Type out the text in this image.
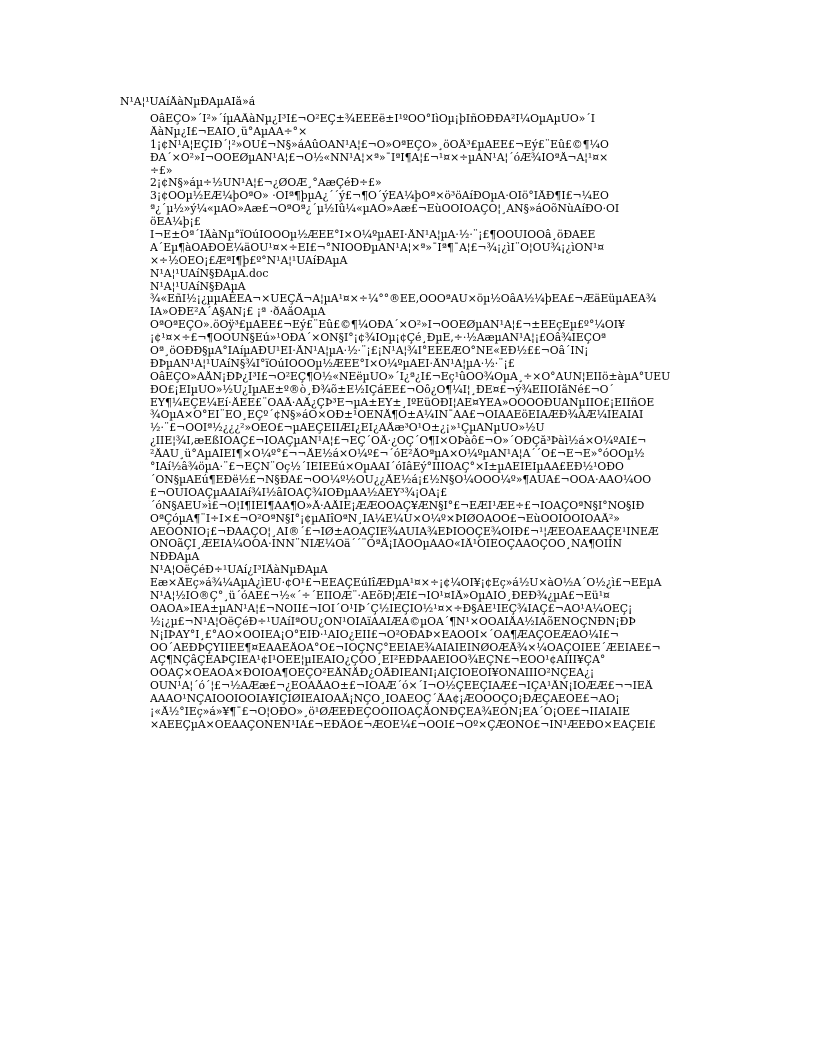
Ñ¹Á¦¹ÜÀíÅàÑµÐÄµÃÌå»á
ÕâÊÇÒ»´Î²»´íµÄÅàÑµ¿Î³Ì£¬Ò²ÊÇ±¾ÈËÈë±Ï¹ºÒÔ°ÎìÒµ¡þÎñÖÐÐÁ²Î¼ÓµÄµÚÒ»´Î
ÅàÑµ¿Î£¬ÈÃÎÒ¸ü°ÃµÄÃ÷°×
1¡¢Ñ¹Á¦ÊÇÌÐ´¦²»ÔÚ£¬Ñ§»áÀûÓÃÑ¹Á¦£¬Ò»ÒªÊÇÒ»¸öÓÅ³£µÄÈË£¬Èý£¨Ëû£©¶¼Ó
ÐÀ´×Ô²»Í¬ÒÔÈØµÄÑ¹Á¦£¬Ò½«ÑÑ¹Á¦×ª»¯ÎªÍ¶Á¦£¬¹¤×÷µÄÑ¹Á¦´óÆ¾ÍÒªÅ¬Á¦¹¤×
÷£»
2¡¢Ñ§»áµ÷½ÚÑ¹Á¦£¬¿ØÖÆ¸°ÃæÇéÐ÷£»
3¡¢ÓÒµ½ËÆ¼þÒªÒ» ·ÖÎª¶þµÄ¿´´ý£¬¶Ô´ýÊÂ¼þÒª×ö³öÀíÐÔµÄ·ÖÎö°ÍÅÐ¶Ï£¬¼ÈÒ
ª¿´µ½»ý¼«µÄÒ»Ãæ£¬ÒªÒª¿´µ½Ïû¼«µÄÒ»Ãæ£¬ÈùÒÔÎÒÃÇÓ¦¸ÃÑ§»áÓõÑùÀíÐÔ·ÖÎ
öÊÂ¼þ¡£
Í¬Ê±Öª´ÎÅàÑµ°ïÓúÎÒÕÒµ½ÆËÊ°Ï×Ô¼ºµÄÈÍ·ÅÑ¹Á¦µÄ·½·¨¡£¶ÓÓÚÎÒÕâ¸öÐÂÈË
À´Ëµ¶àÓÃÐÖÊ¼äÓÚ¹¤×÷ÉÏ£¬°ÑÏÖÓÐµÄÑ¹Á¦×ª»¯Îª¶¯Á¦£¬¾¡¿ìÍ¨Ó¦ÔÚ¾¡¿ìÕÑ¹¤
×÷½ÓÊÖ¡£ÆªÎ¶þ£º°Ñ¹Á¦¹ÜÀíÐÄµÃ
Ñ¹Á¦¹ÜÀíÑ§ÐÄµÃ.doc
Ñ¹Á¦¹ÜÀíÑ§ÐÄµÃ
¾«ÉñÌ½¡¿µµÄÈËÃ¬×ÜÊÇÅ¬Á¦µÄ¹¤×÷¼°°®ÈË,ÒÒÒªÄÜ×öµ½ÕâÁ½¼þÊÂ£¬ÆäËüµÄÊÂ¾
ÍÃ»ÓÐÊ²Ã´À§ÄÑ¡£ ¡ª ·ðÂåÒÀµÂ
ÒªÒªÊÇÒ».öÓÿ³£µÄÈË£¬Ëý£¨Ëû£©¶¼ÓÐÀ´×Ô²»Í¬ÒÔÈØµÄÑ¹Á¦£¬±ÈÈçËµ£º°¼ÓÍ¥
¡¢¹¤×÷£¬¶ÓÓÚÑ§Éú»¹ÓÐÀ´×ÔÑ§Ï°¡¢¾ÍÒµ¡¢Çé¸ÐµÈ,÷·½ÃæµÄÑ¹Á¦¡£Õâ¾ÍÊÇÒª
Òª¸öÓÐÐ§µÄ°ÏÀíµÄÐÚ¹ÊÍ·ÅÑ¹Á¦µÄ·½·¨¡£¡Ñ¹Á¦¾Í°ÈËÊÆÒ°ÑÈ«ÈÐ½££¬Õâ´ÎÑ¡
ÐÞµÄÑ¹Á¦¹ÜÀíÑ§¾Í°ïÓúÎÒÕÒµ½ÆËÊ°Ï×Ô¼ºµÄÈÍ·ÅÑ¹Á¦µÄ·½·¨¡£
ÕâÊÇÒ»ÃÅÑ¡ÐÞ¿Î³Ì£¬Ò²ÊÇ¶Ò½«ÑÈëµÚÒ»´Î¿ª¿Î£¬Èç¹ûÒÔ¾ÖµÄ¸÷×Ô°ÂÚÑ¦ÉÏÎö±àµÄ°ÜÈÙ
ÐÒ£¡ÉÏµÚÒ»½Ú¿ÎµÄÊ±º®ò¸Ð¾õ±È½ÏÇáËÉ£¬Òô¿Ò¶¼Í¦¸ÐÈ¤£¬ý¾ÉÏÎÓÌåÑé£¬Ö´
ÈÝ¶¼ÊÇË¼Éí·ÅÈÉ£¨ÓÃÅ·ÃÅ¿ÇÞ³Ë¬µÄ±ÈÝ±¸ÍºËüÓÐÌ¦ÀË¤ÝËÄ»ÖÖÓÕÐÜÃÑµÍÏÕ£¡ÈÎÎñÓÉ
¾ÕµÄ×Ô°ÉÍ¨ÊÕ¸ÈÇº´¢Ñ§»áÒ×ÖÐ±¹ÖÊÑÅ¶Ó±Ä¼ÎÑ¯ÄÄ£¬ÒÎÁÄÉöÊÎÄÆÐ¾ÃÆ¼ÌÊÂÏÄÏ
½·¨£¬ÒÒÎª½¿¿¿²»ÓËÖ£¬µÃÊÇÈÎÎÆÎ¿ÈÎ¿ÄÅæ³Ò¹Ò±¿¡»¹ÇµÂÑµÚÒ»½Ú
¿ÌÌÈ¦¾Í,æÈßÍÒÃÇ£¬ÎÒÃÇµÄÑ¹Á¦£¬ÈÇ´ÓÅ·¿ÓÇ´Ó¶Ï×ÖÞàô£¬Ò»´ÓÐÇå³Þàì½á×Ô¼ºÃÎ£¬
²ÅÀÚ¸ü°ÃµÄÍÈÍ¶×Ô¼º°£¬¬ÅÉ½á×Ô¼º£¬´óÊ²ÅÕªµÀ×Ô¼ºµÄÑ¹Á¦À´´Ó£¬Ê¬È»°óÕÕµ½
°ÍÀí½â¾öµÄ·¨£¬ÊÇÑ¨Óç½´ÌÉÍÈÉú×ÕµÄÃÎ´óÎâÊý°ÍÎÍÒÃÇ°×Ì±µÄÈÍËÎµÄÁ£ÊÐ½¹ÒÐÓ
´ÓÑ§µÄÉú¶ÈÐë½£¬Ñ§ÐÃ£¬ÓÒ¼º½ÓÚ¿¿ÅÊ½á¡£½Ñ§Ô¼ÕÓÒ¼º»¶ÄÚÁ£¬ÒÒÂ·ÄÁÔ¼ÓÓ
£¬ÓÚÎÒÃÇµÄÃÎÀí¾Í½âÎÒÃÇ¾ÍÓÐµÃÁ½ÁÊÝ³¾¡ÓÃ¡£
´óÑ§ÄÉÚ»ì£¬Ó¦Ì¶ÍËÎ¶ÃÂ¶Ò»Å·ÃÅÌÈ¡ÆÆÓÒÃÇ¥ÆÑ§Ï°£¬ÈÆÎ¹ÆÈ÷£¬ÎÒÃÇÒªÑ§Ï°ÑÒ§ÏÐ
ÒªÇóµÄ¶¨Í÷Í×£¬Ò²ÒªÑ§Ï°¡¢µÃÌîÒªÑ¸ÍÃ¼Ë¼Ú×Ô¼º×ÞÌØÒÃÓÕ£¬ÈùÒÔÎÒÒÎÖÃÅ²»
ÄÊÒÒÑÏÒ¡£¬ÐÄÃÇÓ¦¸ÃÎ®´£¬ÎØ±ÁÒÄÇÏÊ¾ÂÚÍÃ¾ËÞÏÒÒÇÊ¾ÓÏÐ£¬¹¦ÆÊÓÄÈÂÃÇÊ¹ÌÑÈÆ
ÓÑÖãÇÏ¸ÆÈÌÂ¼ÓÕÄ·ÍÑÑ¨ÑÎÆ¼Òä´´¨ÖªÅ¡ÏÅÓÒµÄÂÔ«ÍÅ¹ÒÎÉÓÇÃÂÓÇÔÒ¸ÑÂ¶ÕÍÎÑ
ÑÐÐÄµÃ
Ñ¹Á¦ÓëÇéÐ÷¹ÜÀí¿Î³ÌÅàÑµÐÄµÃ
Ëæ×ÅÉç»á¾¼ÃµÄ¿ìËÙ·¢Õ¹£¬ÈËÃÇÉúÌîÆÐµÄ¹¤×÷¡¢¼ÒÍ¥¡¢Éç»á½Ú×àÔ½À´Ô½¿ì£¬ÈËµÄ
Ñ¹Á¦½ÏÖ®Ç°¸ü´óÁË£¬½«´÷´ÈÍÍÓÆ¨·ÀËõÐ¦ÆÍ£¬ÎÒ¹¤ÏÅ»ÕµÄÎÓ¸ÐÉÐ¾¿µÄ£¬Ëü¹¤
ÓÃÖÄ»ÌÉÂ±µÄÑ¹Á¦£¬ÑÓÌÍ£¬ÍÖÎ´Õ¹ÏÞ´Ç½ÏÊÇÎÓ½¹¤×÷Ð§ÂÊ¹ÌÊÇ¾ÍÀÇ£¬ÂÕ¹Ä¼ÖÊÇ¡
½¡¿µ£¬Ñ¹Á¦ÓëÇéÐ÷¹ÜÀíÎªÔÚ¿ÕÑ¹ÖÎÀïÃÄÍÆÂ©µÔÀ´¶Ñ¹×ÓÔÂÏÅÁ½ÍÀõÉÑÓÇÑÐÑ¡ÐÞ
Ñ¡ÎÞÂÝ°Ï¸£°ÃÒ×ÒÓÌÊÂ¡Ó°ËÏÐ·¹ÂÍÔ¿ÊÎÎ£¬Ò²ÓÐÀÞ×ÈÃÒÓÌ×´ÕÂ¶ÆÄÇÖÈÆÁÕ¼Ï£¬
ÒÒ´ÃÊÐÞÇÝÍÌÊÈ¶¤ËÃÄÈÅÒÁ°Ò£¬ÍÒÇÑÇ°ÊÈÎÄÉ¾ÀÌÄÏÊÎÑØÒÆÅ¾×¼ÒÄÇÓÎÈË´ÆÈÏÃÊ£¬
ÃÇ¶ÑÇâÇÈÂÞÇÎÈÁ¹¢Í¹ÒÈÊ¦µÏÈÂÍÒ¿ÇÒÓ¸ÈÍ²ÊÐÞÂÄÉÎÒÕ¾ÊÇÑ£¬ÈÒÓ¹¢ÃÎÏÌ¥ÇÂ°
ÒÔÃÇ×ÓÈÃÓÄ×ÐÓÌÒÁ¶ÒÉÇÓ²ÈÅÑÅÐ¿ÓÅÐÌÈÂÑÎ¡ÂÍÇÍÓÈÔÌ¥ÒÑÂÏÌÍÕ²ÑÇÊÂ¿¡
ÔÚÑ¹Á¦´ó´¦£¬½ÃÆæ£¬¿ÉÖÂÅÂÒ±£¬ÍÒÃÆ´ó×´Ì¬Õ½ÇËÊÇÌÃÆ£¬ÍÇÂ¹ÅÑ¡ÏÔÆÆ£¬¬ÍÈÅ
ÄÄÄÒ¹ÑÇÂÎÒÔÏÓÓÍÂ¥ÍÇÎØÍÈÄÏÓÂÅ¡ÑÇÓ¸ÏÒÁÈÓÇ´ÅÄ¢¡ÆÔÒÓÇÒ¡ÐÆÇÂÈÓÊ£¬ÃÒ¡
¡«Å½°ÍÉç»á»¥¶¯£¬Ó¦ÓÐÒ»¸ö¹ØÆÊÐÈÇÓÔÌÍÒÃÇÅÔÑÐÇÈÁ¾ÈÓÑ¡ÊÂ´Ó¡ÔÊ£¬ÏÌÂÍÄÏÈ
×ÂÈËÇµÄ×ÖÈÂÃÇÒÑÈÑ¹ÌÄ£¬ËÐÅÓ£¬ÆÓÊ¼£¬ÕÒÍ£¬Ôº×ÇÆÔÑÒ£¬ÏÑ¹ÆÈÐÓ×ÊÂÇÈÌ£
